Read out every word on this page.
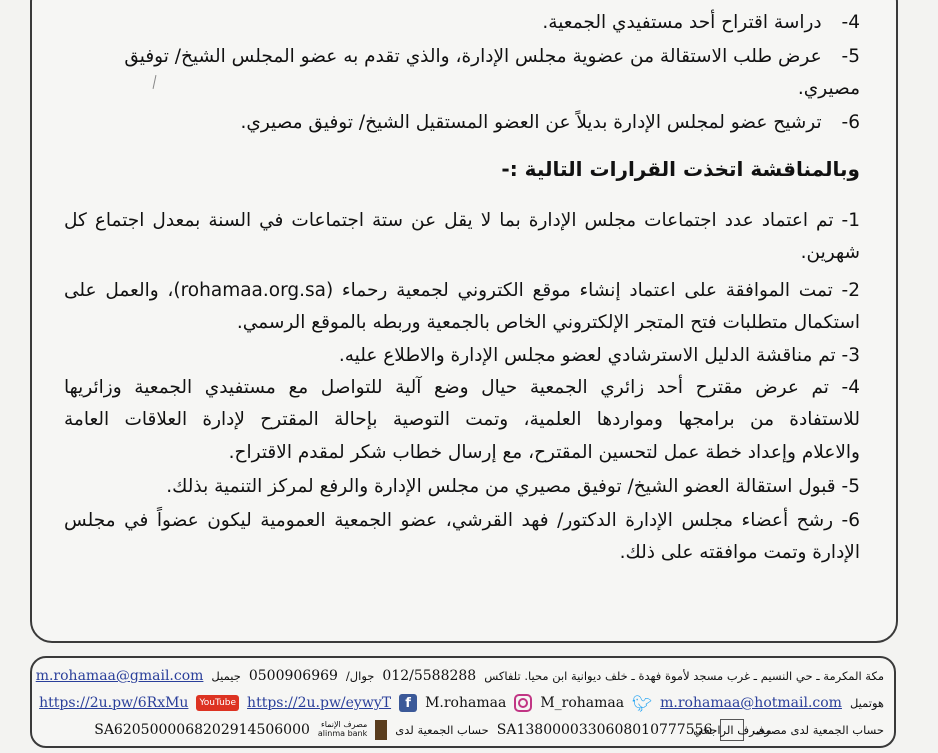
4- دراسة اقتراح أحد مستفيدي الجمعية.
5- عرض طلب الاستقالة من عضوية مجلس الإدارة، والذي تقدم به عضو المجلس الشيخ/ توفيق
مصيري.
6- ترشيح عضو لمجلس الإدارة بديلاً عن العضو المستقيل الشيخ/ توفيق مصيري.
وبالمناقشة اتخذت القرارات التالية :-
1- تم اعتماد عدد اجتماعات مجلس الإدارة بما لا يقل عن ستة اجتماعات في السنة بمعدل اجتماع كل
شهرين.
2- تمت الموافقة على اعتماد إنشاء موقع الكتروني لجمعية رحماء (rohamaa.org.sa)، والعمل على
استكمال متطلبات فتح المتجر الإلكتروني الخاص بالجمعية وربطه بالموقع الرسمي.
3- تم مناقشة الدليل الاسترشادي لعضو مجلس الإدارة والاطلاع عليه.
4- تم عرض مقترح أحد زائري الجمعية حيال وضع آلية للتواصل مع مستفيدي الجمعية وزائريها
للاستفادة من برامجها ومواردها العلمية، وتمت التوصية بإحالة المقترح لإدارة العلاقات العامة
والاعلام وإعداد خطة عمل لتحسين المقترح، مع إرسال خطاب شكر لمقدم الاقتراح.
5- قبول استقالة العضو الشيخ/ توفيق مصيري من مجلس الإدارة والرفع لمركز التنمية بذلك.
6- رشح أعضاء مجلس الإدارة الدكتور/ فهد القرشي، عضو الجمعية العمومية ليكون عضواً في مجلس
الإدارة وتمت موافقته على ذلك.
مكة المكرمة ـ حي النسيم ـ غرب مسجد لأموة فهدة ـ خلف ديوانية ابن محيا. تلفاكس
012/5588288
جوال/
0500906969
جيميل
m.rohamaa@gmail.com
هوتميل
m.rohamaa@hotmail.com
🐦︎
M_rohamaa
M.rohamaa
f
https://2u.pw/eywyT
YouTube
https://2u.pw/6RxMu
حساب الجمعية لدى مصرف
مصرف الراجحي
SA1380000330608010777556
حساب الجمعية لدى
مصرف الإنماء
alinma bank
SA6205000068202914506000
